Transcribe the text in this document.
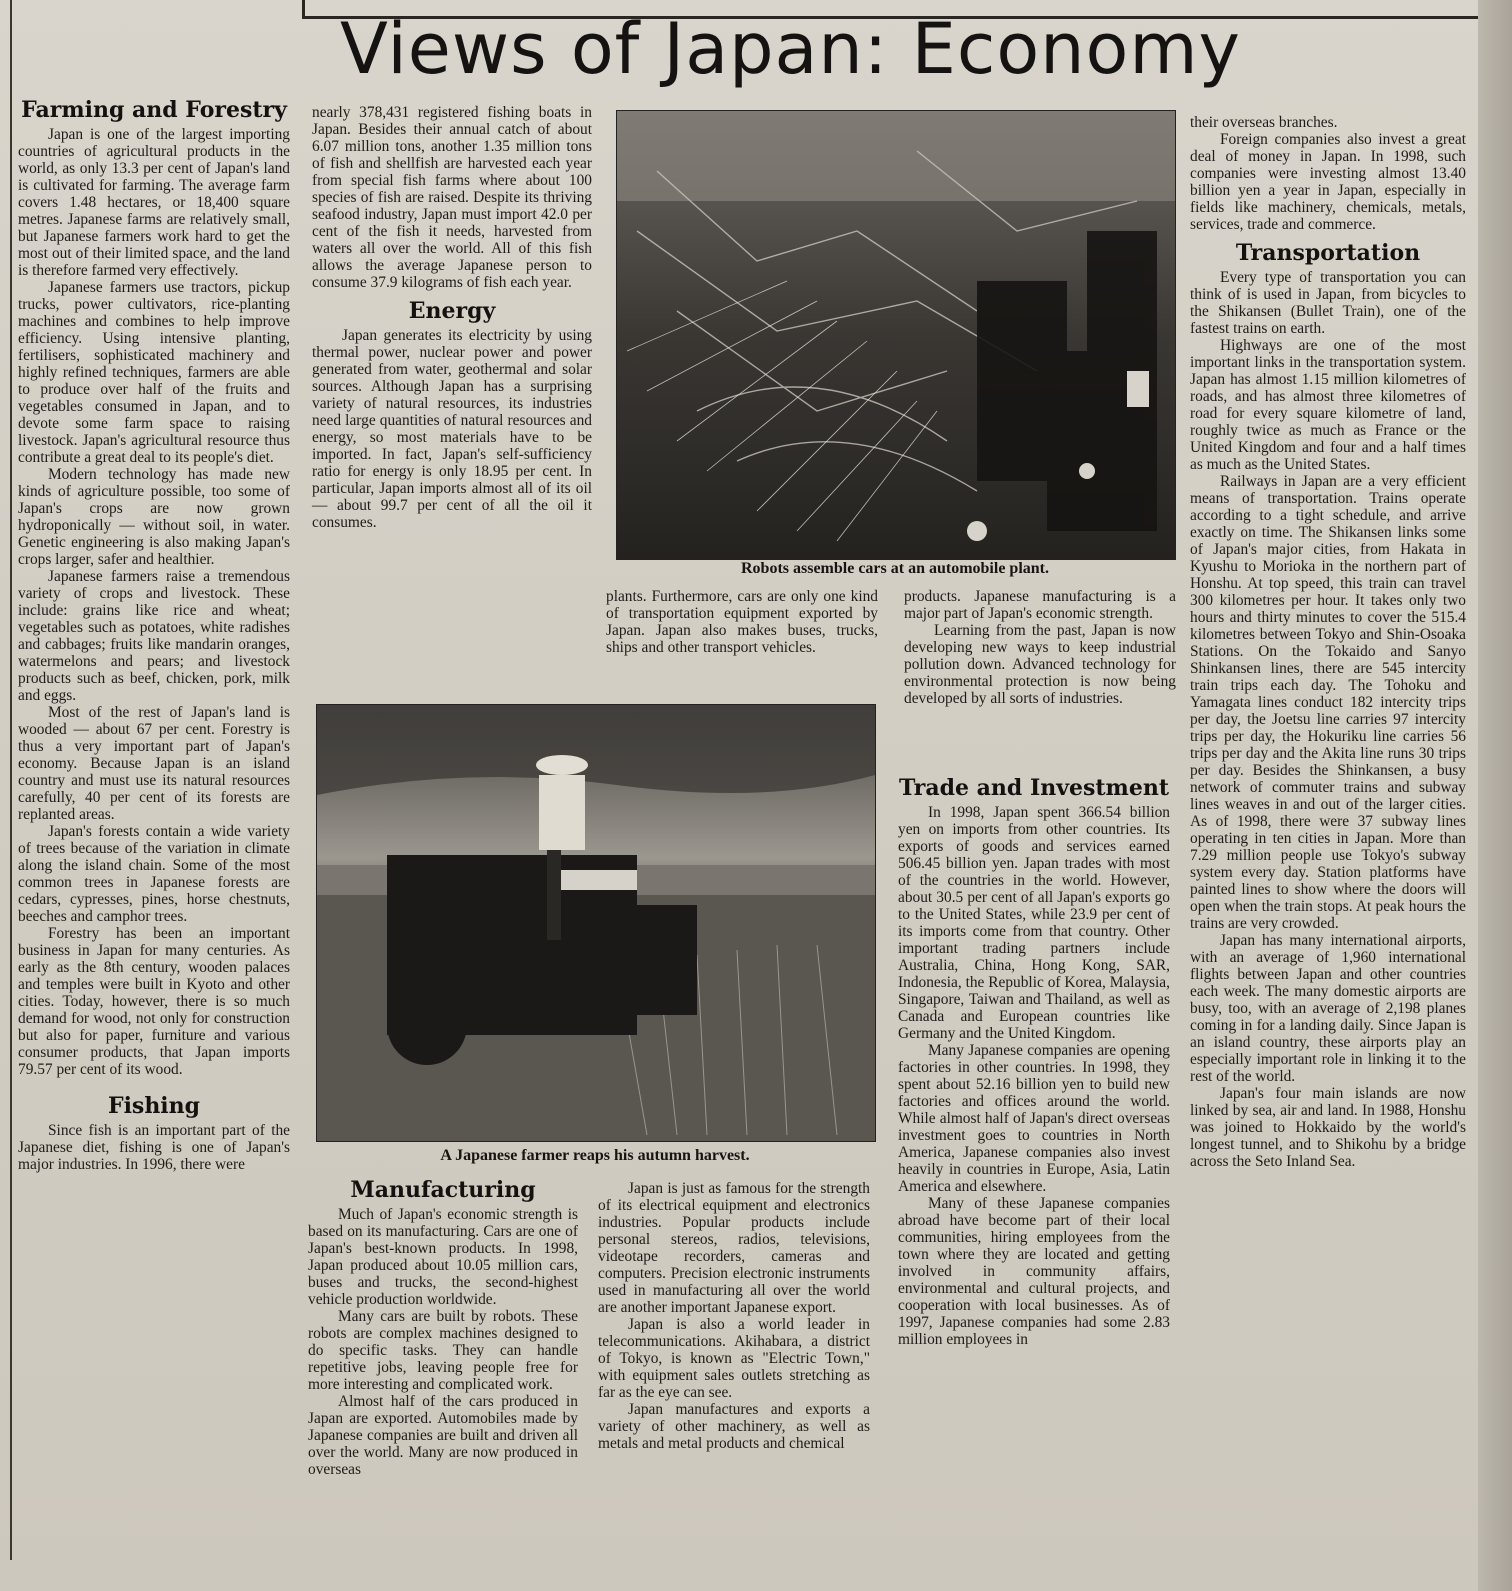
Views of Japan: Economy
Farming and Forestry

Japan is one of the largest importing countries of agricultural products in the world, as only 13.3 per cent of Japan's land is cultivated for farming. The average farm covers 1.48 hectares, or 18,400 square metres. Japanese farms are relatively small, but Japanese farmers work hard to get the most out of their limited space, and the land is therefore farmed very effectively.

Japanese farmers use tractors, pickup trucks, power cultivators, rice-planting machines and combines to help improve efficiency. Using intensive planting, fertilisers, sophisticated machinery and highly refined techniques, farmers are able to produce over half of the fruits and vegetables consumed in Japan, and to devote some farm space to raising livestock. Japan's agricultural resource thus contribute a great deal to its people's diet.

Modern technology has made new kinds of agriculture possible, too some of Japan's crops are now grown hydroponically — without soil, in water. Genetic engineering is also making Japan's crops larger, safer and healthier.

Japanese farmers raise a tremendous variety of crops and livestock. These include: grains like rice and wheat; vegetables such as potatoes, white radishes and cabbages; fruits like mandarin oranges, watermelons and pears; and livestock products such as beef, chicken, pork, milk and eggs.

Most of the rest of Japan's land is wooded — about 67 per cent. Forestry is thus a very important part of Japan's economy. Because Japan is an island country and must use its natural resources carefully, 40 per cent of its forests are replanted areas.

Japan's forests contain a wide variety of trees because of the variation in climate along the island chain. Some of the most common trees in Japanese forests are cedars, cypresses, pines, horse chestnuts, beeches and camphor trees.

Forestry has been an important business in Japan for many centuries. As early as the 8th century, wooden palaces and temples were built in Kyoto and other cities. Today, however, there is so much demand for wood, not only for construction but also for paper, furniture and various consumer products, that Japan imports 79.57 per cent of its wood.

Fishing

Since fish is an important part of the Japanese diet, fishing is one of Japan's major industries. In 1996, there were

nearly 378,431 registered fishing boats in Japan. Besides their annual catch of about 6.07 million tons, another 1.35 million tons of fish and shellfish are harvested each year from special fish farms where about 100 species of fish are raised. Despite its thriving seafood industry, Japan must import 42.0 per cent of the fish it needs, harvested from waters all over the world. All of this fish allows the average Japanese person to consume 37.9 kilograms of fish each year.

Energy

Japan generates its electricity by using thermal power, nuclear power and power generated from water, geothermal and solar sources. Although Japan has a surprising variety of natural resources, its industries need large quantities of natural resources and energy, so most materials have to be imported. In fact, Japan's self-sufficiency ratio for energy is only 18.95 per cent. In particular, Japan imports almost all of its oil — about 99.7 per cent of all the oil it consumes.

Robots assemble cars at an automobile plant.

plants. Furthermore, cars are only one kind of transportation equipment exported by Japan. Japan also makes buses, trucks, ships and other transport vehicles.

products. Japanese manufacturing is a major part of Japan's economic strength.

Learning from the past, Japan is now developing new ways to keep industrial pollution down. Advanced technology for environmental protection is now being developed by all sorts of industries.

A Japanese farmer reaps his autumn harvest.
Manufacturing

Much of Japan's economic strength is based on its manufacturing. Cars are one of Japan's best-known products. In 1998, Japan produced about 10.05 million cars, buses and trucks, the second-highest vehicle production worldwide.

Many cars are built by robots. These robots are complex machines designed to do specific tasks. They can handle repetitive jobs, leaving people free for more interesting and complicated work.

Almost half of the cars produced in Japan are exported. Automobiles made by Japanese companies are built and driven all over the world. Many are now produced in overseas

Japan is just as famous for the strength of its electrical equipment and electronics industries. Popular products include personal stereos, radios, televisions, videotape recorders, cameras and computers. Precision electronic instruments used in manufacturing all over the world are another important Japanese export.

Japan is also a world leader in telecommunications. Akihabara, a district of Tokyo, is known as "Electric Town," with equipment sales outlets stretching as far as the eye can see.

Japan manufactures and exports a variety of other machinery, as well as metals and metal products and chemical

Trade and Investment

In 1998, Japan spent 366.54 billion yen on imports from other countries. Its exports of goods and services earned 506.45 billion yen. Japan trades with most of the countries in the world. However, about 30.5 per cent of all Japan's exports go to the United States, while 23.9 per cent of its imports come from that country. Other important trading partners include Australia, China, Hong Kong, SAR, Indonesia, the Republic of Korea, Malaysia, Singapore, Taiwan and Thailand, as well as Canada and European countries like Germany and the United Kingdom.

Many Japanese companies are opening factories in other countries. In 1998, they spent about 52.16 billion yen to build new factories and offices around the world. While almost half of Japan's direct overseas investment goes to countries in North America, Japanese companies also invest heavily in countries in Europe, Asia, Latin America and elsewhere.

Many of these Japanese companies abroad have become part of their local communities, hiring employees from the town where they are located and getting involved in community affairs, environmental and cultural projects, and cooperation with local businesses. As of 1997, Japanese companies had some 2.83 million employees in

their overseas branches.

Foreign companies also invest a great deal of money in Japan. In 1998, such companies were investing almost 13.40 billion yen a year in Japan, especially in fields like machinery, chemicals, metals, services, trade and commerce.

Transportation

Every type of transportation you can think of is used in Japan, from bicycles to the Shikansen (Bullet Train), one of the fastest trains on earth.

Highways are one of the most important links in the transportation system. Japan has almost 1.15 million kilometres of roads, and has almost three kilometres of road for every square kilometre of land, roughly twice as much as France or the United Kingdom and four and a half times as much as the United States.

Railways in Japan are a very efficient means of transportation. Trains operate according to a tight schedule, and arrive exactly on time. The Shikansen links some of Japan's major cities, from Hakata in Kyushu to Morioka in the northern part of Honshu. At top speed, this train can travel 300 kilometres per hour. It takes only two hours and thirty minutes to cover the 515.4 kilometres between Tokyo and Shin-Osoaka Stations. On the Tokaido and Sanyo Shinkansen lines, there are 545 intercity train trips each day. The Tohoku and Yamagata lines conduct 182 intercity trips per day, the Joetsu line carries 97 intercity trips per day, the Hokuriku line carries 56 trips per day and the Akita line runs 30 trips per day. Besides the Shinkansen, a busy network of commuter trains and subway lines weaves in and out of the larger cities. As of 1998, there were 37 subway lines operating in ten cities in Japan. More than 7.29 million people use Tokyo's subway system every day. Station platforms have painted lines to show where the doors will open when the train stops. At peak hours the trains are very crowded.

Japan has many international airports, with an average of 1,960 international flights between Japan and other countries each week. The many domestic airports are busy, too, with an average of 2,198 planes coming in for a landing daily. Since Japan is an island country, these airports play an especially important role in linking it to the rest of the world.

Japan's four main islands are now linked by sea, air and land. In 1988, Honshu was joined to Hokkaido by the world's longest tunnel, and to Shikohu by a bridge across the Seto Inland Sea.
